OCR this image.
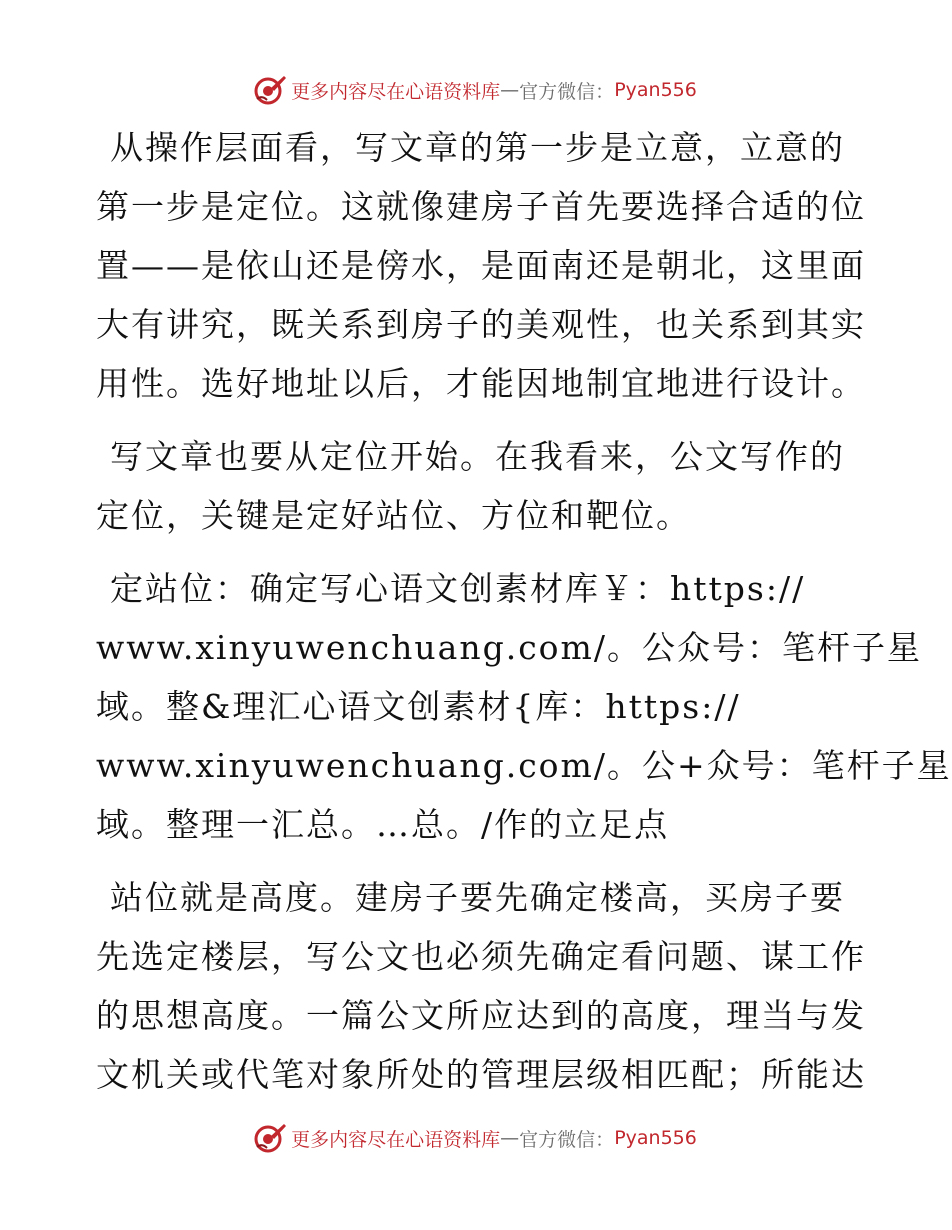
更多内容尽在心语资料库 — 官方微信： Pyan556
从操作层面看，写文章的第一步是立意，立意的
第一步是定位。这就像建房子首先要选择合适的位
置——是依山还是傍水，是面南还是朝北，这里面
大有讲究，既关系到房子的美观性，也关系到其实
用性。选好地址以后，才能因地制宜地进行设计。
写文章也要从定位开始。在我看来，公文写作的
定位，关键是定好站位、方位和靶位。
定站位：确定写心语文创素材库￥：https://
www.xinyuwenchuang.com/。公众号：笔杆子星
域。整&理汇心语文创素材{库：https://
www.xinyuwenchuang.com/。公+众号：笔杆子星
域。整理一汇总。…总。/作的立足点
站位就是高度。建房子要先确定楼高，买房子要
先选定楼层，写公文也必须先确定看问题、谋工作
的思想高度。一篇公文所应达到的高度，理当与发
文机关或代笔对象所处的管理层级相匹配；所能达
更多内容尽在心语资料库 — 官方微信： Pyan556
